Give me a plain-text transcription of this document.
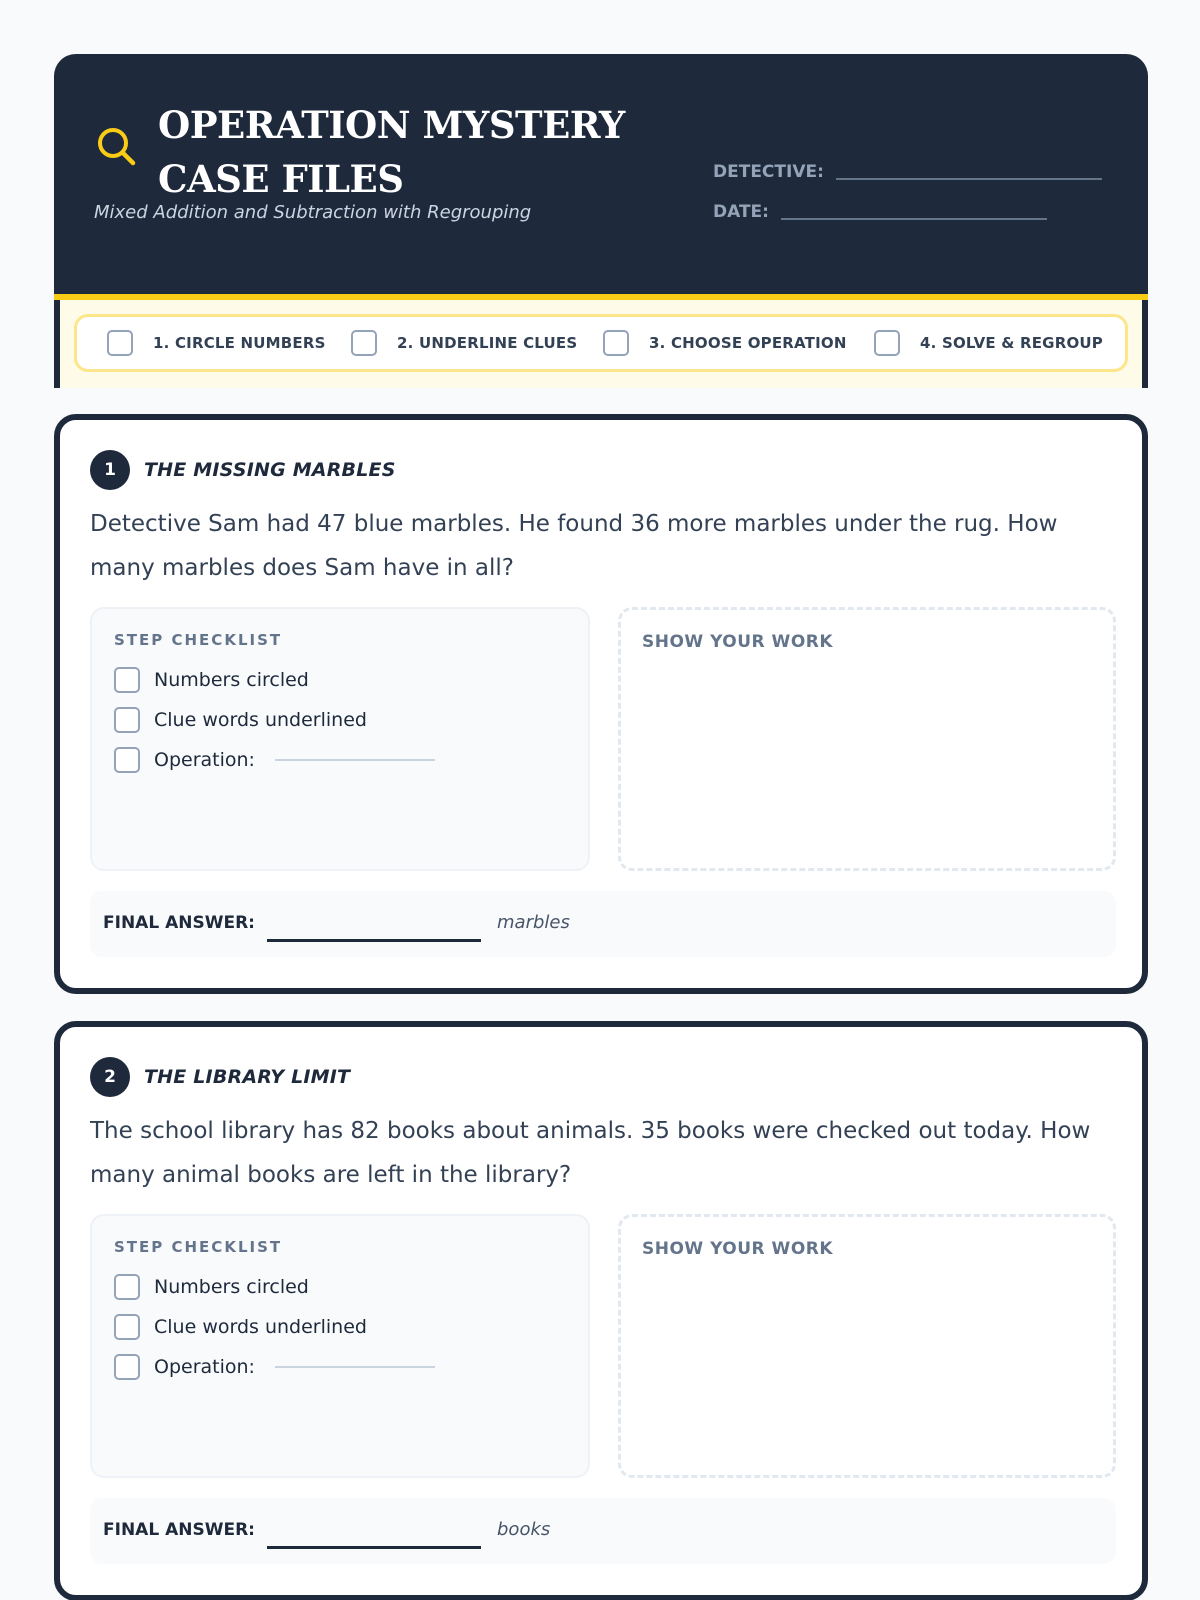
OPERATION MYSTERY CASE FILES
Mixed Addition and Subtraction with Regrouping
DETECTIVE:
DATE:
1. CIRCLE NUMBERS	2. UNDERLINE CLUES	3. CHOOSE OPERATION	4. SOLVE & REGROUP
1	THE MISSING MARBLES
Detective Sam had 47 blue marbles. He found 36 more marbles under the rug. How many marbles does Sam have in all?
STEP CHECKLIST
Numbers circled
Clue words underlined
Operation:
SHOW YOUR WORK
FINAL ANSWER:	marbles
2	THE LIBRARY LIMIT
The school library has 82 books about animals. 35 books were checked out today. How many animal books are left in the library?
STEP CHECKLIST
Numbers circled
Clue words underlined
Operation:
SHOW YOUR WORK
FINAL ANSWER:	books
